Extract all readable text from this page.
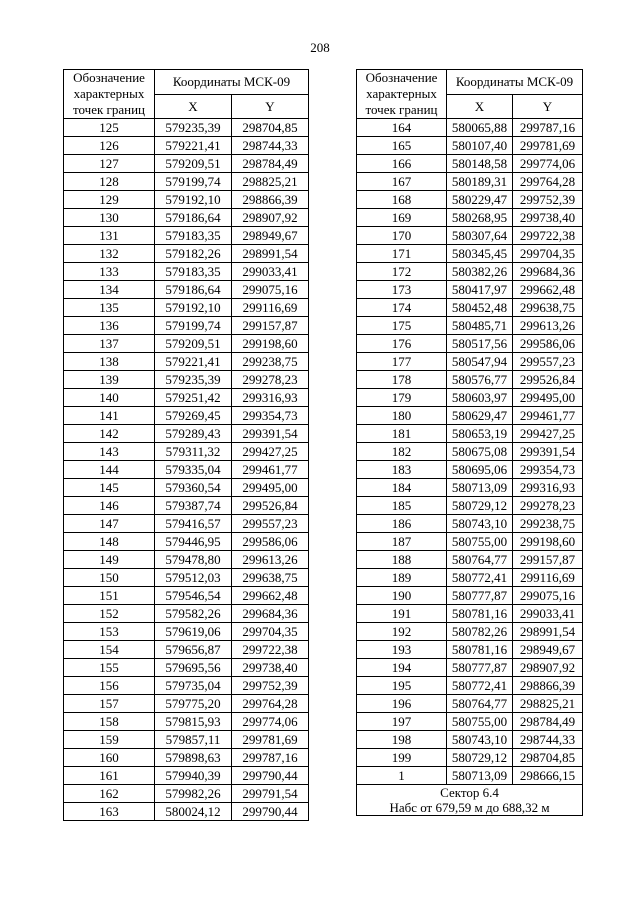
208
Обозначение характерных точек границ	Координаты МСК-09	
	X	Y
125	579235,39	298704,85
126	579221,41	298744,33
127	579209,51	298784,49
128	579199,74	298825,21
129	579192,10	298866,39
130	579186,64	298907,92
131	579183,35	298949,67
132	579182,26	298991,54
133	579183,35	299033,41
134	579186,64	299075,16
135	579192,10	299116,69
136	579199,74	299157,87
137	579209,51	299198,60
138	579221,41	299238,75
139	579235,39	299278,23
140	579251,42	299316,93
141	579269,45	299354,73
142	579289,43	299391,54
143	579311,32	299427,25
144	579335,04	299461,77
145	579360,54	299495,00
146	579387,74	299526,84
147	579416,57	299557,23
148	579446,95	299586,06
149	579478,80	299613,26
150	579512,03	299638,75
151	579546,54	299662,48
152	579582,26	299684,36
153	579619,06	299704,35
154	579656,87	299722,38
155	579695,56	299738,40
156	579735,04	299752,39
157	579775,20	299764,28
158	579815,93	299774,06
159	579857,11	299781,69
160	579898,63	299787,16
161	579940,39	299790,44
162	579982,26	299791,54
163	580024,12	299790,44
Обозначение характерных точек границ	Координаты МСК-09	
	X	Y
164	580065,88	299787,16
165	580107,40	299781,69
166	580148,58	299774,06
167	580189,31	299764,28
168	580229,47	299752,39
169	580268,95	299738,40
170	580307,64	299722,38
171	580345,45	299704,35
172	580382,26	299684,36
173	580417,97	299662,48
174	580452,48	299638,75
175	580485,71	299613,26
176	580517,56	299586,06
177	580547,94	299557,23
178	580576,77	299526,84
179	580603,97	299495,00
180	580629,47	299461,77
181	580653,19	299427,25
182	580675,08	299391,54
183	580695,06	299354,73
184	580713,09	299316,93
185	580729,12	299278,23
186	580743,10	299238,75
187	580755,00	299198,60
188	580764,77	299157,87
189	580772,41	299116,69
190	580777,87	299075,16
191	580781,16	299033,41
192	580782,26	298991,54
193	580781,16	298949,67
194	580777,87	298907,92
195	580772,41	298866,39
196	580764,77	298825,21
197	580755,00	298784,49
198	580743,10	298744,33
199	580729,12	298704,85
1	580713,09	298666,15

Сектор 6.4
Набс от 679,59 м до 688,32 м		
